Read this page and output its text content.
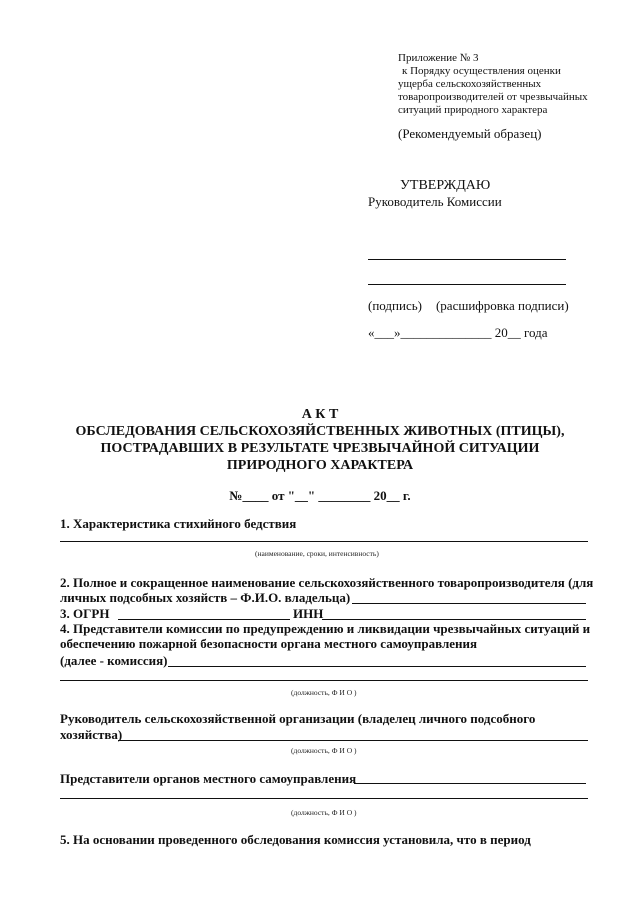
Приложение № 3
к Порядку осуществления оценки
ущерба сельскохозяйственных
товаропроизводителей от чрезвычайных
ситуаций природного характера
(Рекомендуемый образец)
УТВЕРЖДАЮ
Руководитель Комиссии
(подпись) (расшифровка подписи)
«___»______________ 20__ года
А К Т
ОБСЛЕДОВАНИЯ СЕЛЬСКОХОЗЯЙСТВЕННЫХ ЖИВОТНЫХ (ПТИЦЫ),
ПОСТРАДАВШИХ В РЕЗУЛЬТАТЕ ЧРЕЗВЫЧАЙНОЙ СИТУАЦИИ
ПРИРОДНОГО ХАРАКТЕРА
№____ от "__" ________ 20__ г.
1. Характеристика стихийного бедствия
(наименование, сроки, интенсивность)
2. Полное и сокращенное наименование сельскохозяйственного товаропроизводителя (для личных подсобных хозяйств – Ф.И.О. владельца)
3. ОГРН	ИНН
4. Представители комиссии по предупреждению и ликвидации чрезвычайных ситуаций и обеспечению пожарной безопасности органа местного самоуправления
(далее - комиссия)
(должность, Ф И О )
Руководитель сельскохозяйственной организации (владелец личного подсобного
хозяйства)
(должность, Ф И О )
Представители органов местного самоуправления
(должность, Ф И О )
5. На основании проведенного обследования комиссия установила, что в период
